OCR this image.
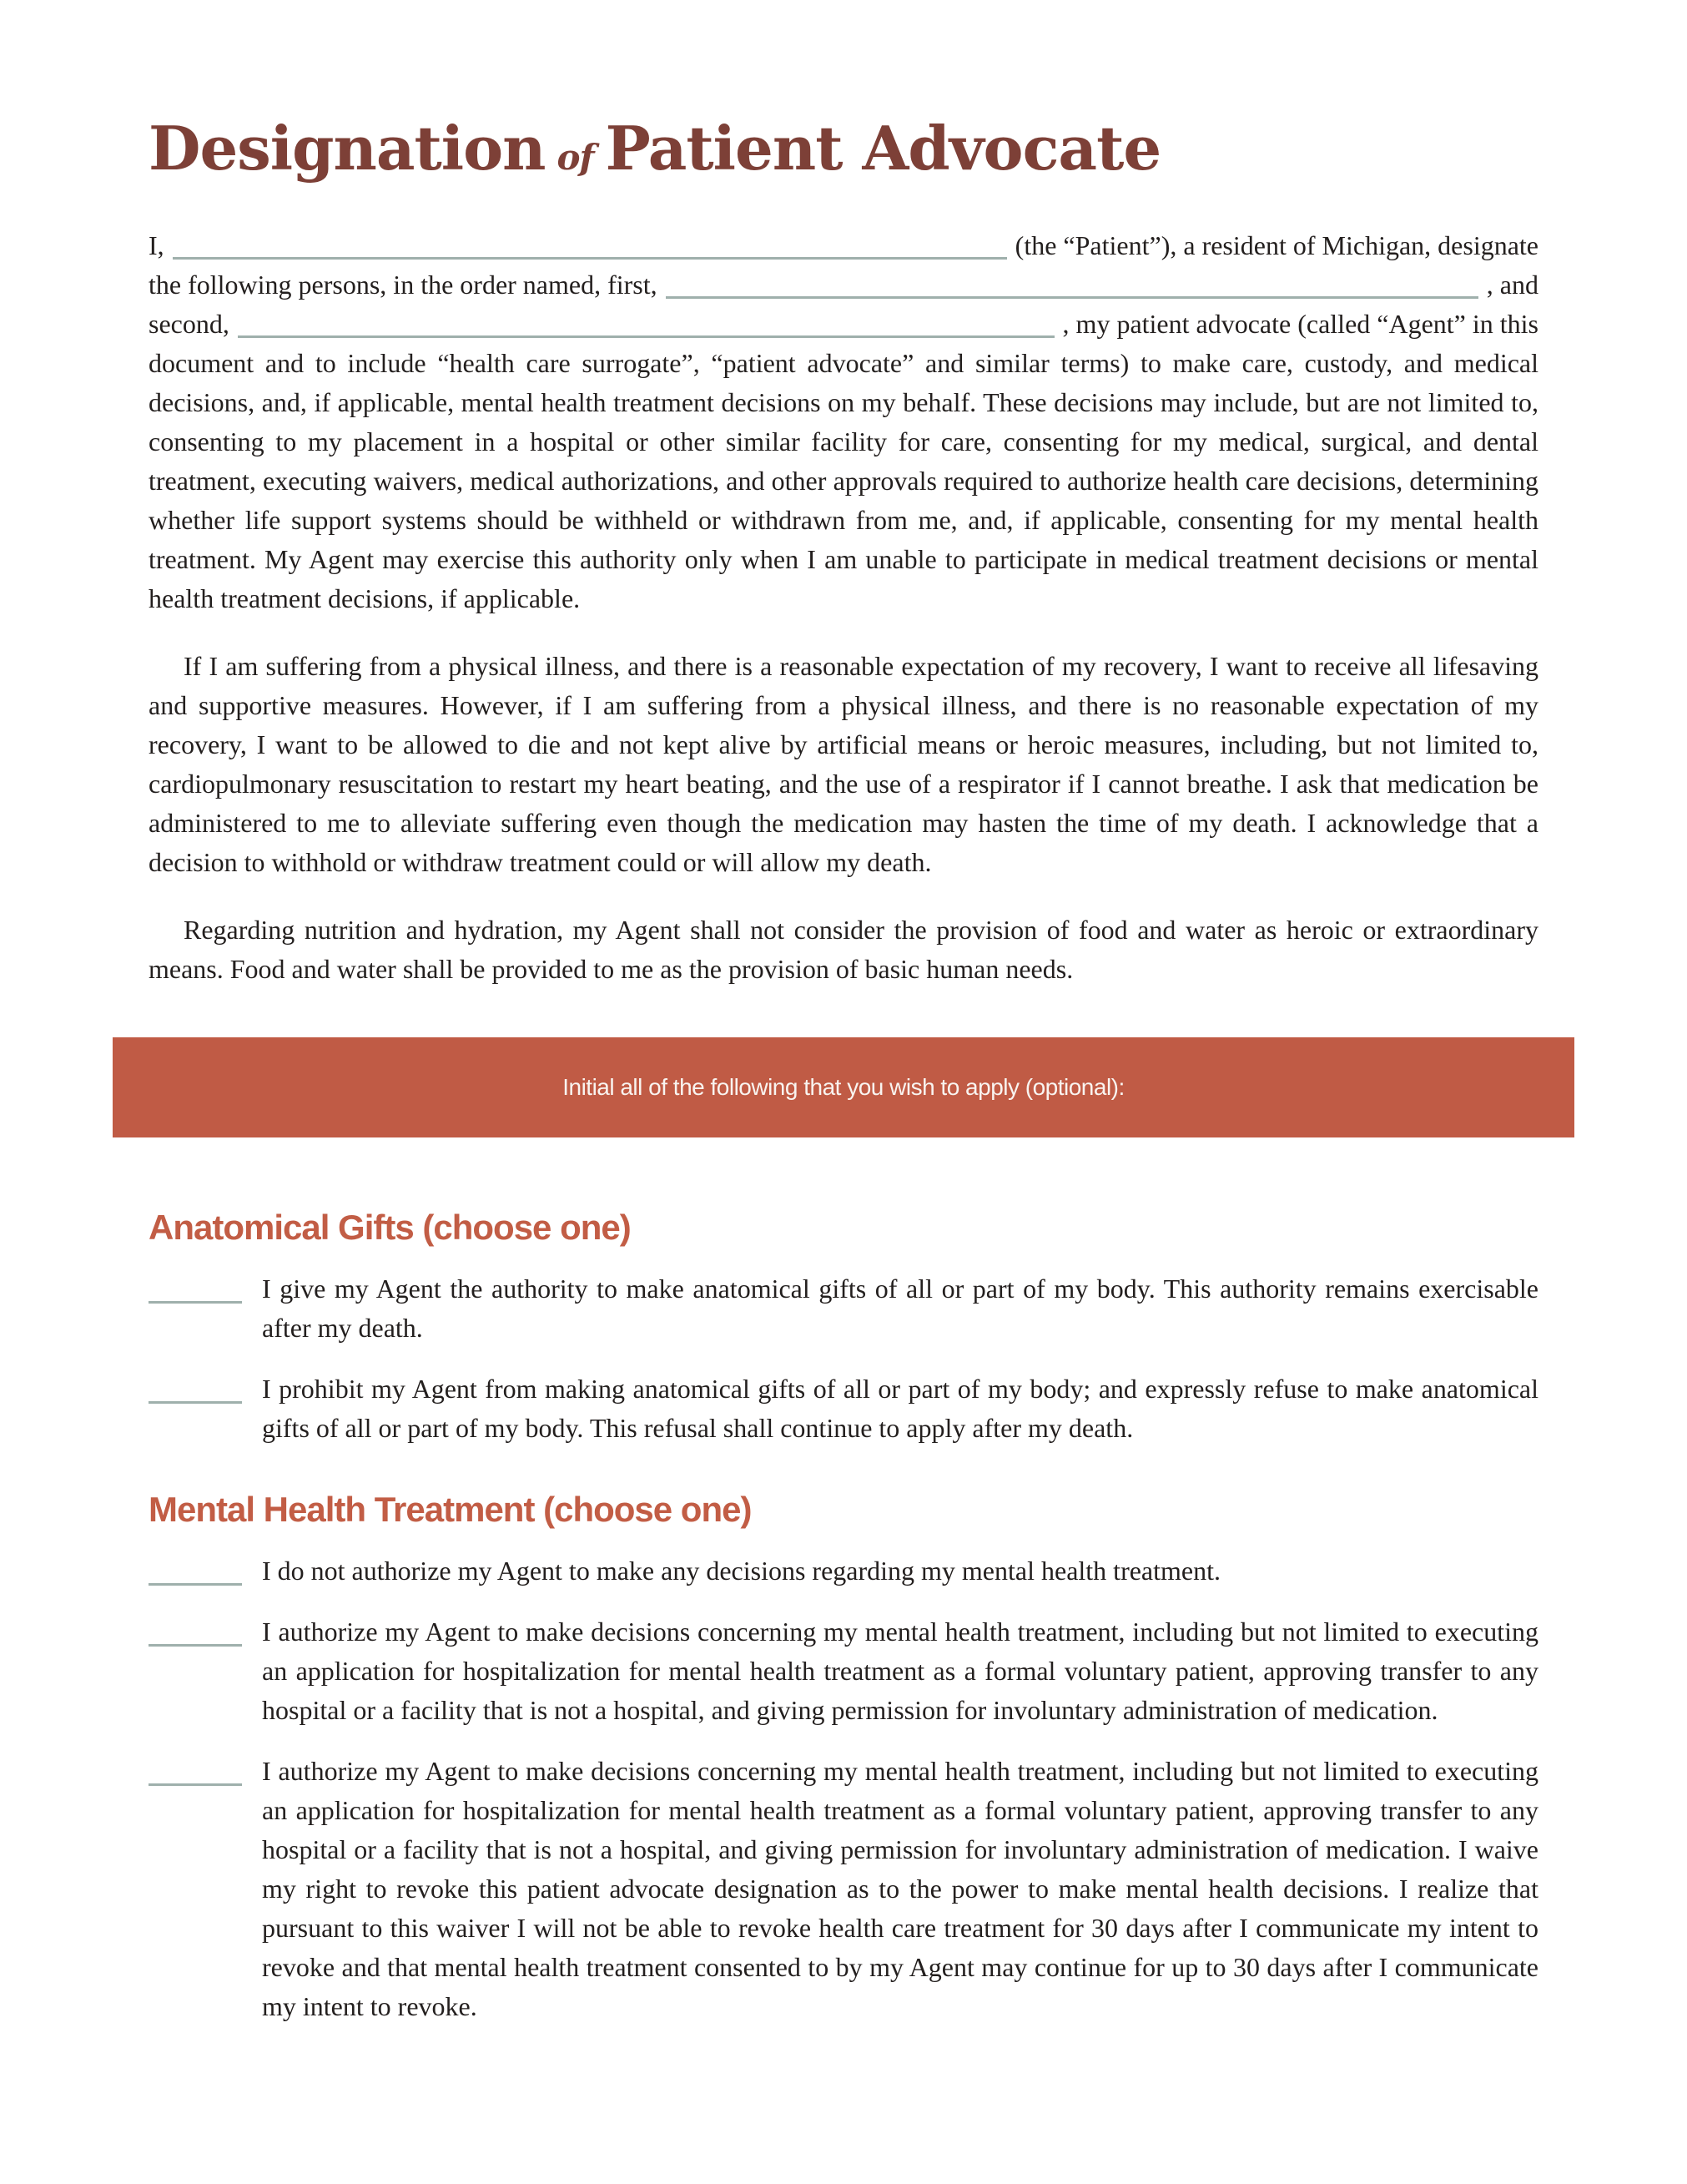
Designation of Patient Advocate
I,	(the “Patient”), a resident of Michigan, designate
the following persons, in the order named, first,	, and
second,	, my patient advocate (called “Agent” in this
document and to include “health care surrogate”, “patient advocate” and similar terms) to make care, custody, and medical decisions, and, if applicable, mental health treatment decisions on my behalf. These decisions may include, but are not limited to, consenting to my placement in a hospital or other similar facility for care, consenting for my medical, surgical, and dental treatment, executing waivers, medical authorizations, and other approvals required to authorize health care decisions, determining whether life support systems should be withheld or withdrawn from me, and, if applicable, consenting for my mental health treatment. My Agent may exercise this authority only when I am unable to participate in medical treatment decisions or mental health treatment decisions, if applicable.
If I am suffering from a physical illness, and there is a reasonable expectation of my recovery, I want to receive all lifesaving and supportive measures. However, if I am suffering from a physical illness, and there is no reasonable expectation of my recovery, I want to be allowed to die and not kept alive by artificial means or heroic measures, including, but not limited to, cardiopulmonary resuscitation to restart my heart beating, and the use of a respirator if I cannot breathe. I ask that medication be administered to me to alleviate suffering even though the medication may hasten the time of my death. I acknowledge that a decision to withhold or withdraw treatment could or will allow my death.
Regarding nutrition and hydration, my Agent shall not consider the provision of food and water as heroic or extraordinary means. Food and water shall be provided to me as the provision of basic human needs.
Initial all of the following that you wish to apply (optional):
Anatomical Gifts (choose one)
I give my Agent the authority to make anatomical gifts of all or part of my body. This authority remains exercisable after my death.
I prohibit my Agent from making anatomical gifts of all or part of my body; and expressly refuse to make anatomical gifts of all or part of my body. This refusal shall continue to apply after my death.
Mental Health Treatment (choose one)
I do not authorize my Agent to make any decisions regarding my mental health treatment.
I authorize my Agent to make decisions concerning my mental health treatment, including but not limited to executing an application for hospitalization for mental health treatment as a formal voluntary patient, approving transfer to any hospital or a facility that is not a hospital, and giving permission for involuntary administration of medication.
I authorize my Agent to make decisions concerning my mental health treatment, including but not limited to executing an application for hospitalization for mental health treatment as a formal voluntary patient, approving transfer to any hospital or a facility that is not a hospital, and giving permission for involuntary administration of medication. I waive my right to revoke this patient advocate designation as to the power to make mental health decisions. I realize that pursuant to this waiver I will not be able to revoke health care treatment for 30 days after I communicate my intent to revoke and that mental health treatment consented to by my Agent may continue for up to 30 days after I communicate my intent to revoke.
